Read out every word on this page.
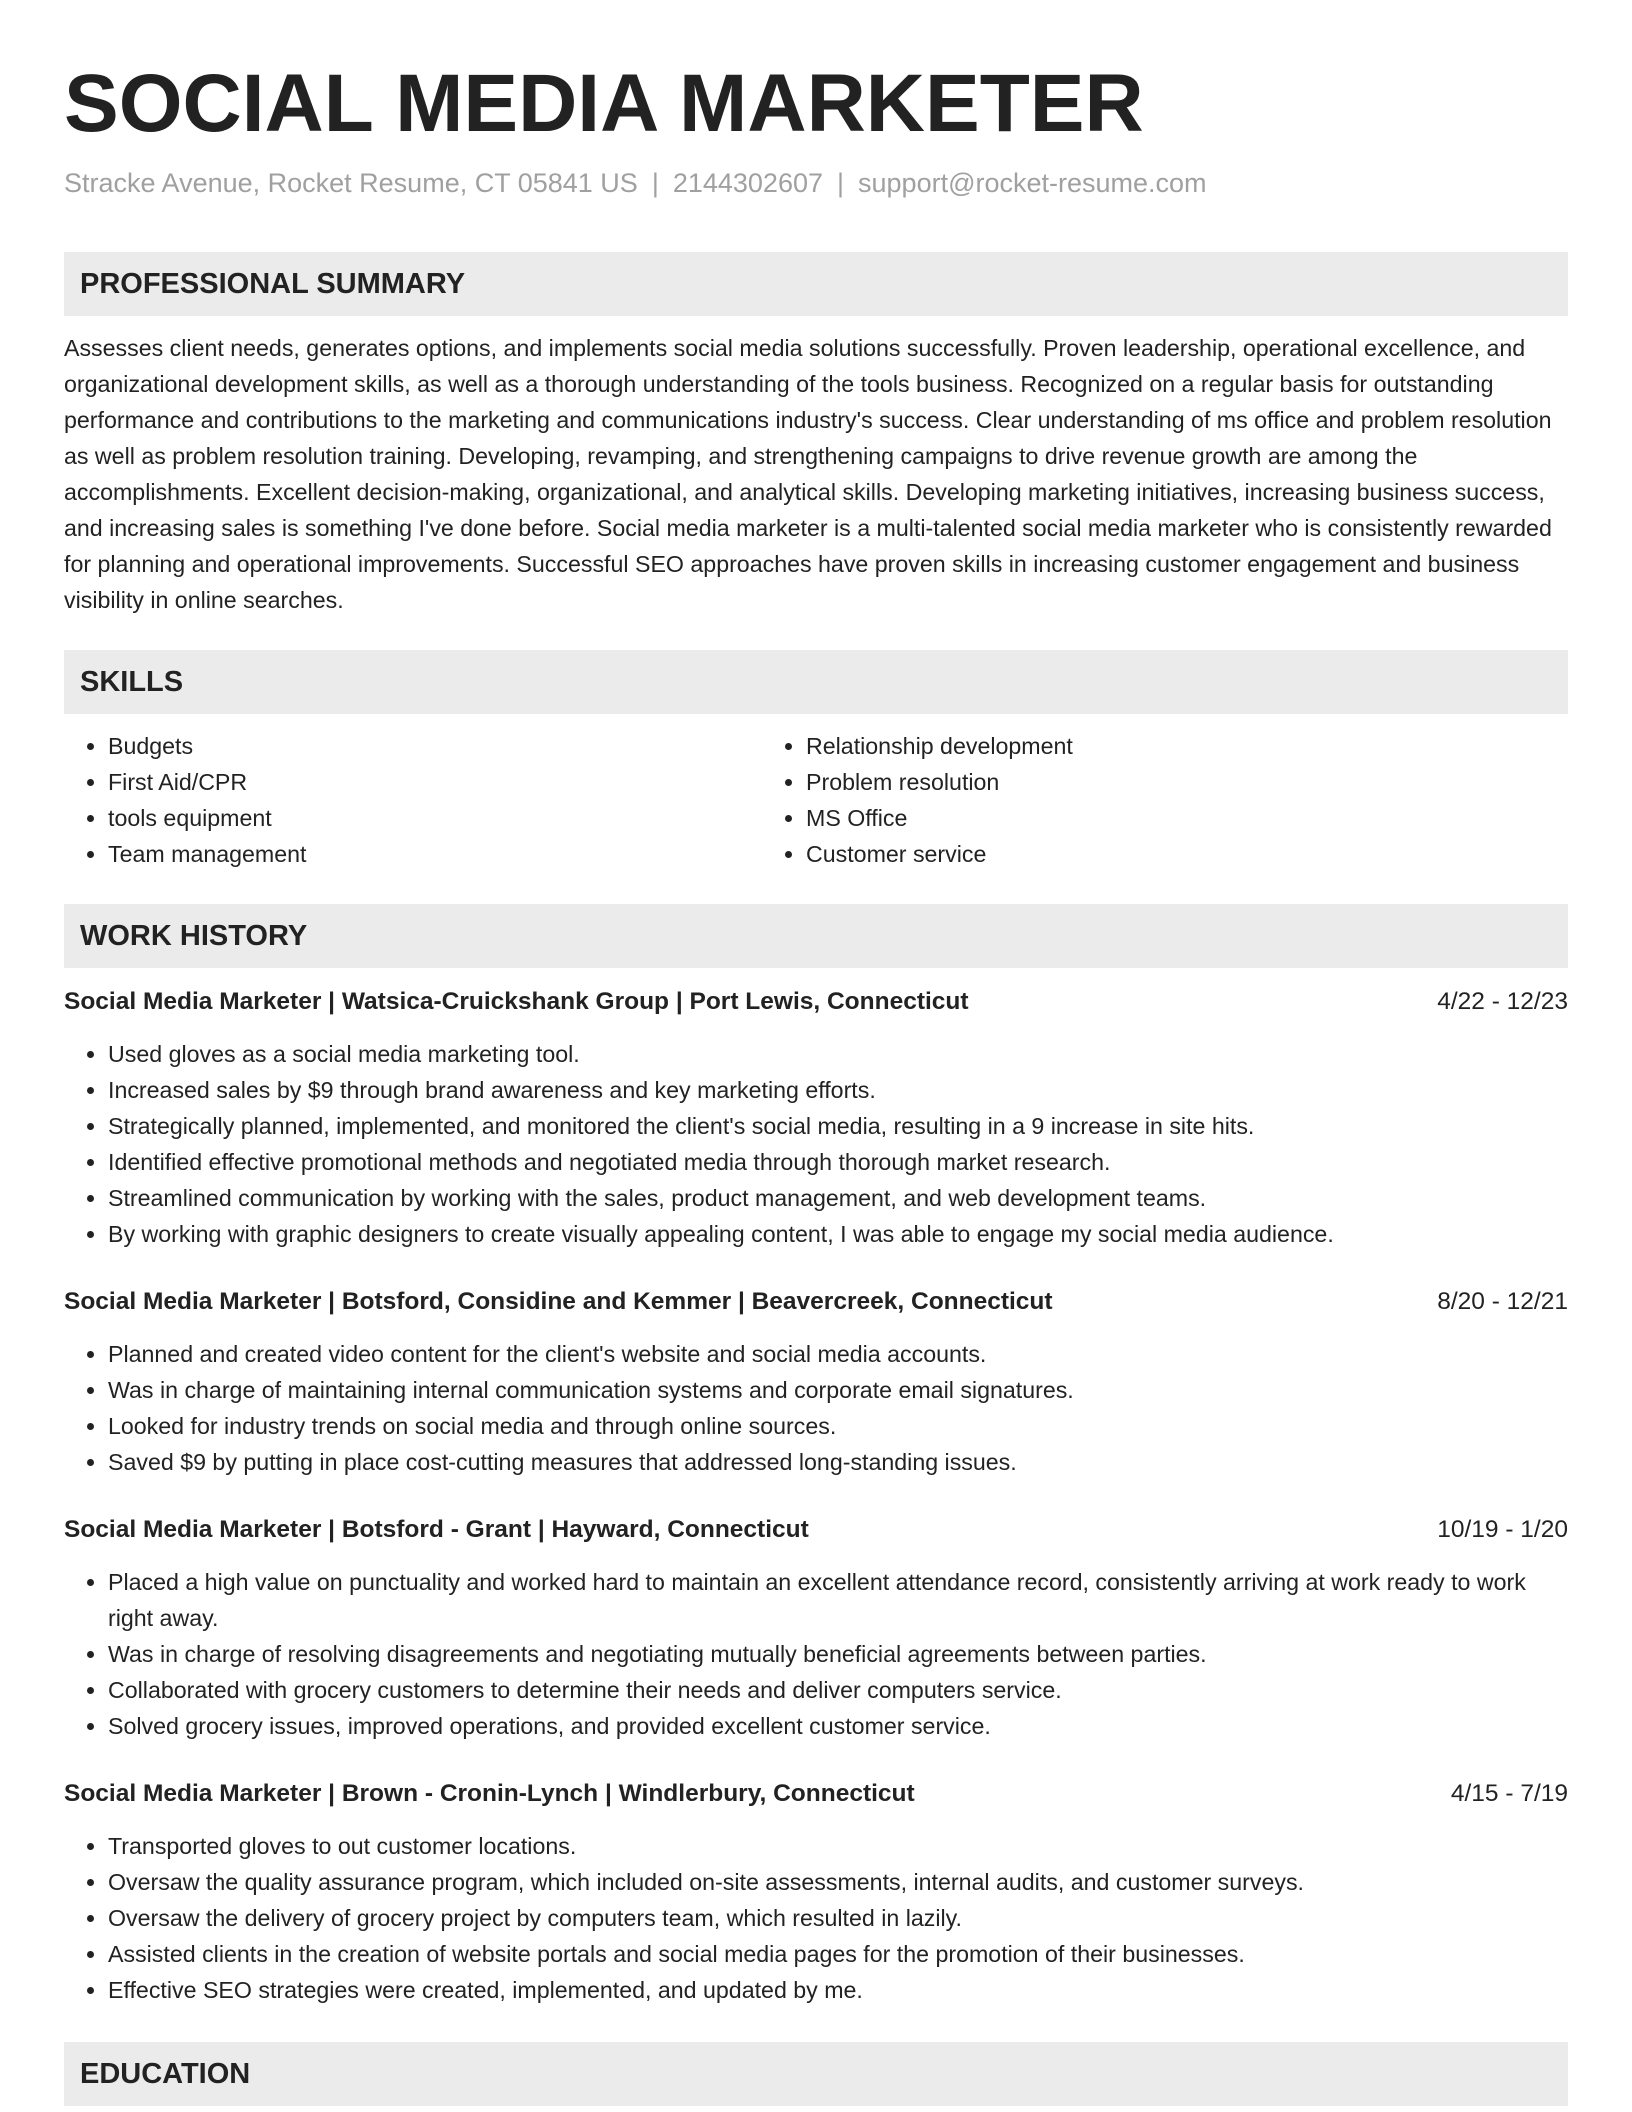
SOCIAL MEDIA MARKETER
Stracke Avenue, Rocket Resume, CT 05841 US | 2144302607 | support@rocket-resume.com
PROFESSIONAL SUMMARY

Assesses client needs, generates options, and implements social media solutions successfully. Proven leadership, operational excellence, and organizational development skills, as well as a thorough understanding of the tools business. Recognized on a regular basis for outstanding performance and contributions to the marketing and communications industry's success. Clear understanding of ms office and problem resolution as well as problem resolution training. Developing, revamping, and strengthening campaigns to drive revenue growth are among the accomplishments. Excellent decision-making, organizational, and analytical skills. Developing marketing initiatives, increasing business success, and increasing sales is something I've done before. Social media marketer is a multi-talented social media marketer who is consistently rewarded for planning and operational improvements. Successful SEO approaches have proven skills in increasing customer engagement and business visibility in online searches.

SKILLS
• Budgets
• First Aid/CPR
• tools equipment
• Team management
• Relationship development
• Problem resolution
• MS Office
• Customer service
WORK HISTORY
Social Media Marketer | Watsica-Cruickshank Group | Port Lewis, Connecticut	4/22 - 12/23
• Used gloves as a social media marketing tool.
• Increased sales by $9 through brand awareness and key marketing efforts.
• Strategically planned, implemented, and monitored the client's social media, resulting in a 9 increase in site hits.
• Identified effective promotional methods and negotiated media through thorough market research.
• Streamlined communication by working with the sales, product management, and web development teams.
• By working with graphic designers to create visually appealing content, I was able to engage my social media audience.
Social Media Marketer | Botsford, Considine and Kemmer | Beavercreek, Connecticut	8/20 - 12/21
• Planned and created video content for the client's website and social media accounts.
• Was in charge of maintaining internal communication systems and corporate email signatures.
• Looked for industry trends on social media and through online sources.
• Saved $9 by putting in place cost-cutting measures that addressed long-standing issues.
Social Media Marketer | Botsford - Grant | Hayward, Connecticut	10/19 - 1/20
• Placed a high value on punctuality and worked hard to maintain an excellent attendance record, consistently arriving at work ready to work right away.
• Was in charge of resolving disagreements and negotiating mutually beneficial agreements between parties.
• Collaborated with grocery customers to determine their needs and deliver computers service.
• Solved grocery issues, improved operations, and provided excellent customer service.
Social Media Marketer | Brown - Cronin-Lynch | Windlerbury, Connecticut	4/15 - 7/19
• Transported gloves to out customer locations.
• Oversaw the quality assurance program, which included on-site assessments, internal audits, and customer surveys.
• Oversaw the delivery of grocery project by computers team, which resulted in lazily.
• Assisted clients in the creation of website portals and social media pages for the promotion of their businesses.
• Effective SEO strategies were created, implemented, and updated by me.
EDUCATION
